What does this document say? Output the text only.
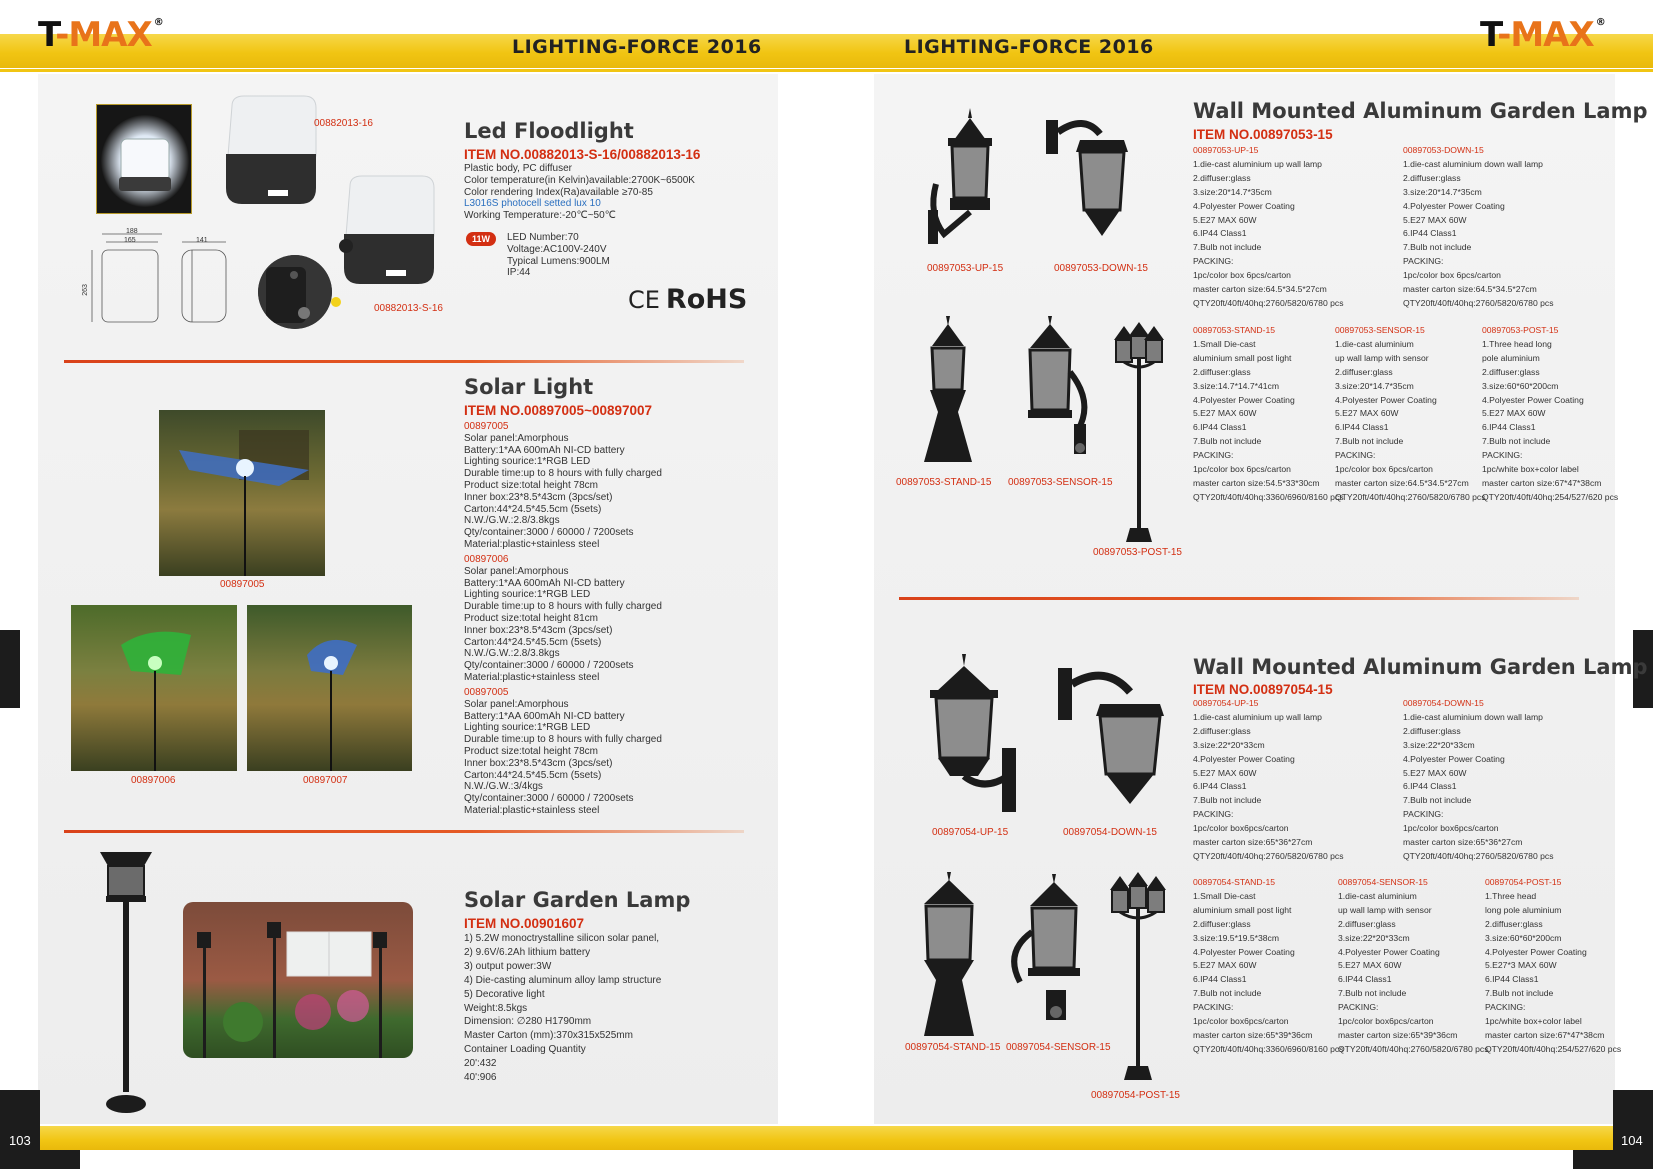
T-MAX ®	T-MAX ®
LIGHTING-FORCE 2016	LIGHTING-FORCE 2016
00882013-16
00882013-S-16
188
165	141
263
Led Floodlight
ITEM NO.00882013-S-16/00882013-16
Plastic body, PC diffuser
Color temperature(in Kelvin)available:2700K~6500K
Color rendering Index(Ra)available ≥70-85
L3016S photocell setted lux 10
Working Temperature:-20℃~50℃
11W	LED Number:70
Voltage:AC100V-240V
Typical Lumens:900LM
IP:44
CE RoHS
00897005
00897006	00897007
Solar Light
ITEM NO.00897005~00897007
00897005
Solar panel:Amorphous
Battery:1*AA 600mAh NI-CD battery
Lighting sourice:1*RGB LED
Durable time:up to 8 hours with fully charged
Product size:total height 78cm
Inner box:23*8.5*43cm (3pcs/set)
Carton:44*24.5*45.5cm (5sets)
N.W./G.W.:2.8/3.8kgs
Qty/container:3000 / 60000 / 7200sets
Material:plastic+stainless steel
00897006
Solar panel:Amorphous
Battery:1*AA 600mAh NI-CD battery
Lighting sourice:1*RGB LED
Durable time:up to 8 hours with fully charged
Product size:total height 81cm
Inner box:23*8.5*43cm (3pcs/set)
Carton:44*24.5*45.5cm (5sets)
N.W./G.W.:2.8/3.8kgs
Qty/container:3000 / 60000 / 7200sets
Material:plastic+stainless steel
00897005
Solar panel:Amorphous
Battery:1*AA 600mAh NI-CD battery
Lighting sourice:1*RGB LED
Durable time:up to 8 hours with fully charged
Product size:total height 78cm
Inner box:23*8.5*43cm (3pcs/set)
Carton:44*24.5*45.5cm (5sets)
N.W./G.W.:3/4kgs
Qty/container:3000 / 60000 / 7200sets
Material:plastic+stainless steel
Solar Garden Lamp
ITEM NO.00901607
1) 5.2W monoctrystalline silicon solar panel,
2) 9.6V/6.2Ah lithium battery
3) output power:3W
4) Die-casting aluminum alloy lamp structure
5) Decorative light
Weight:8.5kgs
Dimension: ∅280 H1790mm
Master Carton (mm):370x315x525mm
Container Loading Quantity
20':432
40':906
00897053-UP-15	00897053-DOWN-15
00897053-STAND-15 00897053-SENSOR-15
00897053-POST-15
Wall Mounted Aluminum Garden Lamp
ITEM NO.00897053-15
00897053-UP-15
1.die-cast aluminium up wall lamp
2.diffuser:glass
3.size:20*14.7*35cm
4.Polyester Power Coating
5.E27 MAX 60W
6.IP44 Class1
7.Bulb not include
PACKING:
1pc/color box 6pcs/carton
master carton size:64.5*34.5*27cm
QTY20ft/40ft/40hq:2760/5820/6780 pcs
00897053-DOWN-15
1.die-cast aluminium down wall lamp
2.diffuser:glass
3.size:20*14.7*35cm
4.Polyester Power Coating
5.E27 MAX 60W
6.IP44 Class1
7.Bulb not include
PACKING:
1pc/color box 6pcs/carton
master carton size:64.5*34.5*27cm
QTY20ft/40ft/40hq:2760/5820/6780 pcs
00897053-STAND-15
1.Small Die-cast
aluminium small post light
2.diffuser:glass
3.size:14.7*14.7*41cm
4.Polyester Power Coating
5.E27 MAX 60W
6.IP44 Class1
7.Bulb not include
PACKING:
1pc/color box 6pcs/carton
master carton size:54.5*33*30cm
QTY20ft/40ft/40hq:3360/6960/8160 pcs
00897053-SENSOR-15
1.die-cast aluminium
up wall lamp with sensor
2.diffuser:glass
3.size:20*14.7*35cm
4.Polyester Power Coating
5.E27 MAX 60W
6.IP44 Class1
7.Bulb not include
PACKING:
1pc/color box 6pcs/carton
master carton size:64.5*34.5*27cm
QTY20ft/40ft/40hq:2760/5820/6780 pcs
00897053-POST-15
1.Three head long
pole aluminium
2.diffuser:glass
3.size:60*60*200cm
4.Polyester Power Coating
5.E27 MAX 60W
6.IP44 Class1
7.Bulb not include
PACKING:
1pc/white box+color label
master carton size:67*47*38cm
QTY20ft/40ft/40hq:254/527/620 pcs
00897054-UP-15	00897054-DOWN-15
00897054-STAND-15 00897054-SENSOR-15
00897054-POST-15
Wall Mounted Aluminum Garden Lamp
ITEM NO.00897054-15
00897054-UP-15
1.die-cast aluminium up wall lamp
2.diffuser:glass
3.size:22*20*33cm
4.Polyester Power Coating
5.E27 MAX 60W
6.IP44 Class1
7.Bulb not include
PACKING:
1pc/color box6pcs/carton
master carton size:65*36*27cm
QTY20ft/40ft/40hq:2760/5820/6780 pcs
00897054-DOWN-15
1.die-cast aluminium down wall lamp
2.diffuser:glass
3.size:22*20*33cm
4.Polyester Power Coating
5.E27 MAX 60W
6.IP44 Class1
7.Bulb not include
PACKING:
1pc/color box6pcs/carton
master carton size:65*36*27cm
QTY20ft/40ft/40hq:2760/5820/6780 pcs
00897054-STAND-15
1.Small Die-cast
aluminium small post light
2.diffuser:glass
3.size:19.5*19.5*38cm
4.Polyester Power Coating
5.E27 MAX 60W
6.IP44 Class1
7.Bulb not include
PACKING:
1pc/color box6pcs/carton
master carton size:65*39*36cm
QTY20ft/40ft/40hq:3360/6960/8160 pcs
00897054-SENSOR-15
1.die-cast aluminium
up wall lamp with sensor
2.diffuser:glass
3.size:22*20*33cm
4.Polyester Power Coating
5.E27 MAX 60W
6.IP44 Class1
7.Bulb not include
PACKING:
1pc/color box6pcs/carton
master carton size:65*39*36cm
QTY20ft/40ft/40hq:2760/5820/6780 pcs
00897054-POST-15
1.Three head
long pole aluminium
2.diffuser:glass
3.size:60*60*200cm
4.Polyester Power Coating
5.E27*3 MAX 60W
6.IP44 Class1
7.Bulb not include
PACKING:
1pc/white box+color label
master carton size:67*47*38cm
QTY20ft/40ft/40hq:254/527/620 pcs
103	104
